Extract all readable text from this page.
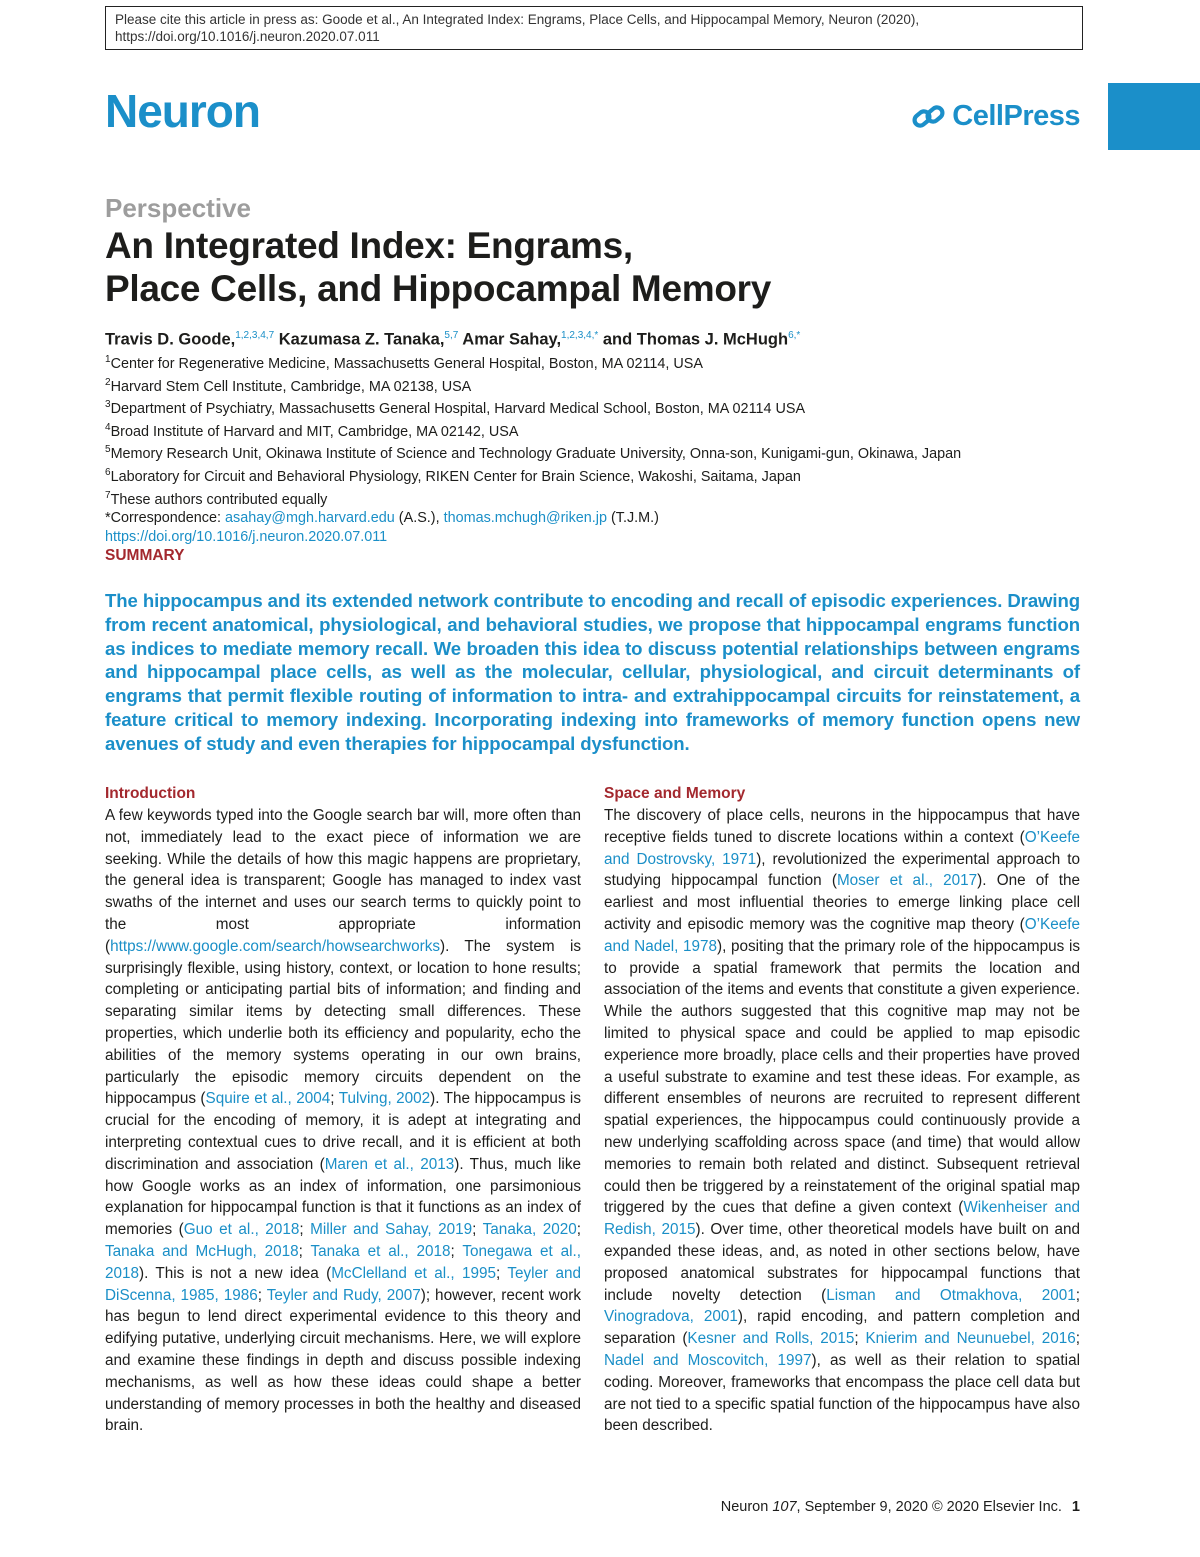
Please cite this article in press as: Goode et al., An Integrated Index: Engrams, Place Cells, and Hippocampal Memory, Neuron (2020), https://doi.org/10.1016/j.neuron.2020.07.011
Neuron	CellPress
Perspective
An Integrated Index: Engrams,
Place Cells, and Hippocampal Memory
Travis D. Goode,$^{1,2,3,4,7}$ Kazumasa Z. Tanaka,$^{5,7}$ Amar Sahay,$^{1,2,3,4,*}$ and Thomas J. McHugh$^{6,*}$
$^1$Center for Regenerative Medicine, Massachusetts General Hospital, Boston, MA 02114, USA
$^2$Harvard Stem Cell Institute, Cambridge, MA 02138, USA
$^3$Department of Psychiatry, Massachusetts General Hospital, Harvard Medical School, Boston, MA 02114 USA
$^4$Broad Institute of Harvard and MIT, Cambridge, MA 02142, USA
$^5$Memory Research Unit, Okinawa Institute of Science and Technology Graduate University, Onna-son, Kunigami-gun, Okinawa, Japan
$^6$Laboratory for Circuit and Behavioral Physiology, RIKEN Center for Brain Science, Wakoshi, Saitama, Japan
$^7$These authors contributed equally
*Correspondence: asahay@mgh.harvard.edu (A.S.), thomas.mchugh@riken.jp (T.J.M.)
https://doi.org/10.1016/j.neuron.2020.07.011
SUMMARY

The hippocampus and its extended network contribute to encoding and recall of episodic experiences. Drawing from recent anatomical, physiological, and behavioral studies, we propose that hippocampal engrams function as indices to mediate memory recall. We broaden this idea to discuss potential relationships between engrams and hippocampal place cells, as well as the molecular, cellular, physiological, and circuit determinants of engrams that permit flexible routing of information to intra- and extrahippocampal circuits for reinstatement, a feature critical to memory indexing. Incorporating indexing into frameworks of memory function opens new avenues of study and even therapies for hippocampal dysfunction.

Introduction

A few keywords typed into the Google search bar will, more often than not, immediately lead to the exact piece of information we are seeking. While the details of how this magic happens are proprietary, the general idea is transparent; Google has managed to index vast swaths of the internet and uses our search terms to quickly point to the most appropriate information (https://www.google.com/search/howsearchworks). The system is surprisingly flexible, using history, context, or location to hone results; completing or anticipating partial bits of information; and finding and separating similar items by detecting small differences. These properties, which underlie both its efficiency and popularity, echo the abilities of the memory systems operating in our own brains, particularly the episodic memory circuits dependent on the hippocampus (Squire et al., 2004; Tulving, 2002). The hippocampus is crucial for the encoding of memory, it is adept at integrating and interpreting contextual cues to drive recall, and it is efficient at both discrimination and association (Maren et al., 2013). Thus, much like how Google works as an index of information, one parsimonious explanation for hippocampal function is that it functions as an index of memories (Guo et al., 2018; Miller and Sahay, 2019; Tanaka, 2020; Tanaka and McHugh, 2018; Tanaka et al., 2018; Tonegawa et al., 2018). This is not a new idea (McClelland et al., 1995; Teyler and DiScenna, 1985, 1986; Teyler and Rudy, 2007); however, recent work has begun to lend direct experimental evidence to this theory and edifying putative, underlying circuit mechanisms. Here, we will explore and examine these findings in depth and discuss possible indexing mechanisms, as well as how these ideas could shape a better understanding of memory processes in both the healthy and diseased brain.

Space and Memory

The discovery of place cells, neurons in the hippocampus that have receptive fields tuned to discrete locations within a context (O’Keefe and Dostrovsky, 1971), revolutionized the experimental approach to studying hippocampal function (Moser et al., 2017). One of the earliest and most influential theories to emerge linking place cell activity and episodic memory was the cognitive map theory (O’Keefe and Nadel, 1978), positing that the primary role of the hippocampus is to provide a spatial framework that permits the location and association of the items and events that constitute a given experience. While the authors suggested that this cognitive map may not be limited to physical space and could be applied to map episodic experience more broadly, place cells and their properties have proved a useful substrate to examine and test these ideas. For example, as different ensembles of neurons are recruited to represent different spatial experiences, the hippocampus could continuously provide a new underlying scaffolding across space (and time) that would allow memories to remain both related and distinct. Subsequent retrieval could then be triggered by a reinstatement of the original spatial map triggered by the cues that define a given context (Wikenheiser and Redish, 2015). Over time, other theoretical models have built on and expanded these ideas, and, as noted in other sections below, have proposed anatomical substrates for hippocampal functions that include novelty detection (Lisman and Otmakhova, 2001; Vinogradova, 2001), rapid encoding, and pattern completion and separation (Kesner and Rolls, 2015; Knierim and Neunuebel, 2016; Nadel and Moscovitch, 1997), as well as their relation to spatial coding. Moreover, frameworks that encompass the place cell data but are not tied to a specific spatial function of the hippocampus have also been described.

Neuron 107, September 9, 2020 © 2020 Elsevier Inc. 1
